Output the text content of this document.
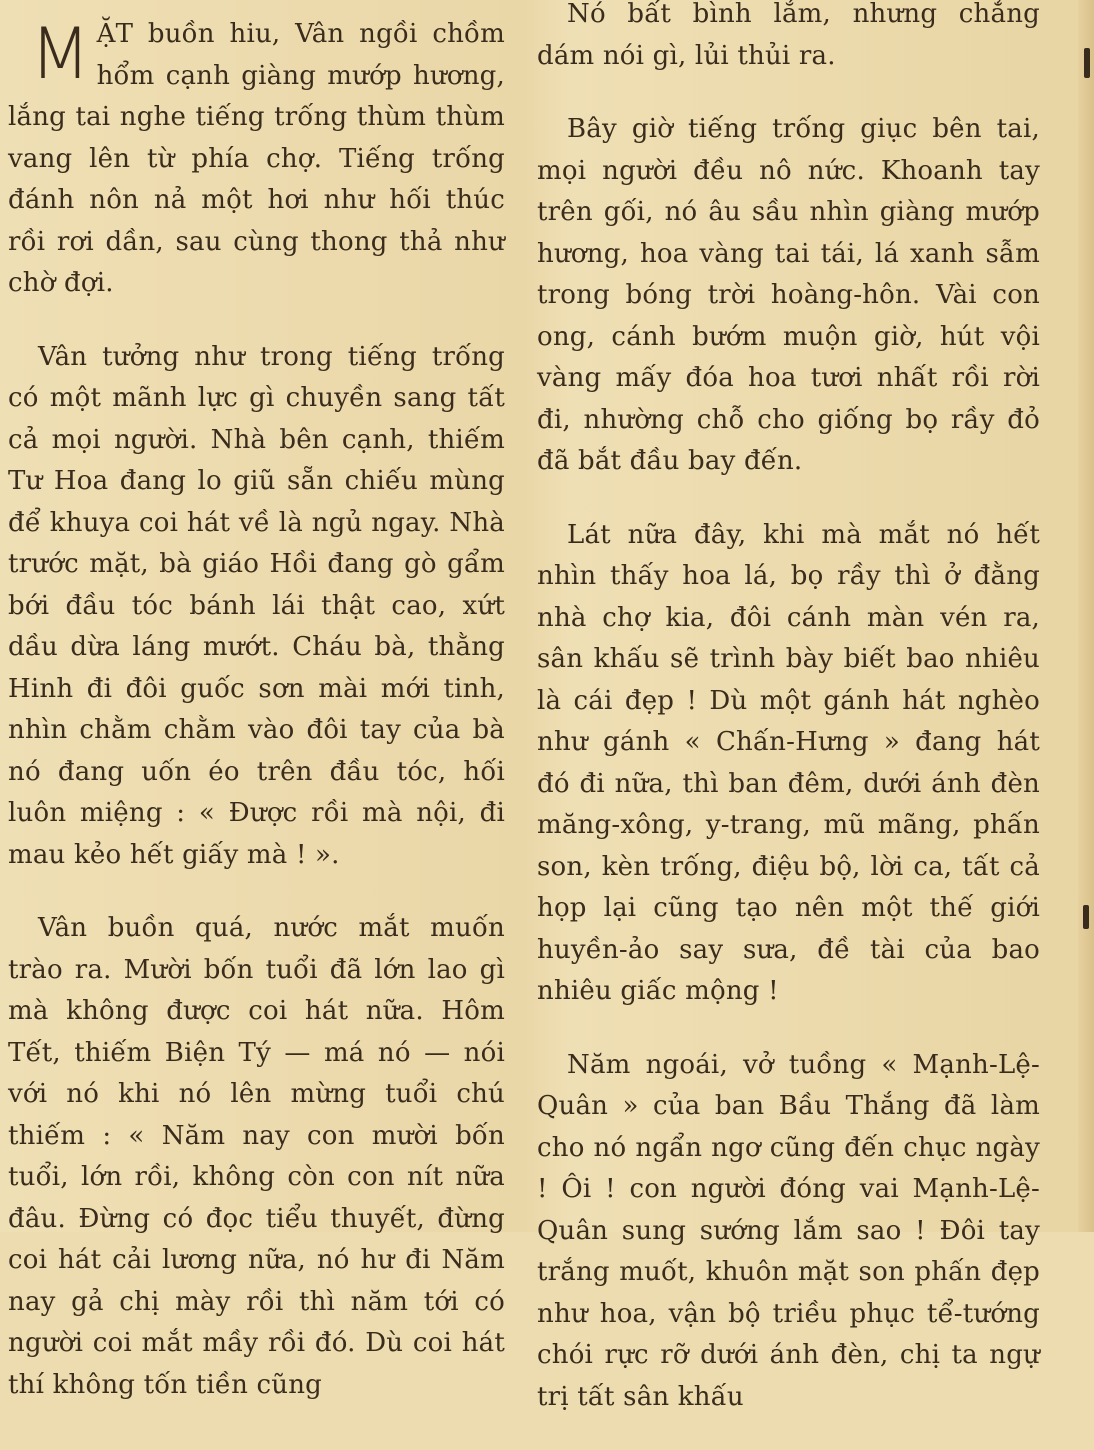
MẶT buồn hiu, Vân ngồi chồm hổm cạnh giàng mướp hương, lắng tai nghe tiếng trống thùm thùm vang lên từ phía chợ. Tiếng trống đánh nôn nả một hơi như hối thúc rồi rơi dần, sau cùng thong thả như chờ đợi.

Vân tưởng như trong tiếng trống có một mãnh lực gì chuyền sang tất cả mọi người. Nhà bên cạnh, thiếm Tư Hoa đang lo giũ sẵn chiếu mùng để khuya coi hát về là ngủ ngay. Nhà trước mặt, bà giáo Hồi đang gò gẩm bới đầu tóc bánh lái thật cao, xứt dầu dừa láng mướt. Cháu bà, thằng Hinh đi đôi guốc sơn mài mới tinh, nhìn chằm chằm vào đôi tay của bà nó đang uốn éo trên đầu tóc, hối luôn miệng : « Được rồi mà nội, đi mau kẻo hết giấy mà ! ».

Vân buồn quá, nước mắt muốn trào ra. Mười bốn tuổi đã lớn lao gì mà không được coi hát nữa. Hôm Tết, thiếm Biện Tý — má nó — nói với nó khi nó lên mừng tuổi chú thiếm : « Năm nay con mười bốn tuổi, lớn rồi, không còn con nít nữa đâu. Đừng có đọc tiểu thuyết, đừng coi hát cải lương nữa, nó hư đi Năm nay gả chị mày rồi thì năm tới có người coi mắt mầy rồi đó. Dù coi hát thí không tốn tiền cũng

Nó bất bình lắm, nhưng chẳng dám nói gì, lủi thủi ra.

Bây giờ tiếng trống giục bên tai, mọi người đều nô nức. Khoanh tay trên gối, nó âu sầu nhìn giàng mướp hương, hoa vàng tai tái, lá xanh sẫm trong bóng trời hoàng-hôn. Vài con ong, cánh bướm muộn giờ, hút vội vàng mấy đóa hoa tươi nhất rồi rời đi, nhường chỗ cho giống bọ rầy đỏ đã bắt đầu bay đến.

Lát nữa đây, khi mà mắt nó hết nhìn thấy hoa lá, bọ rầy thì ở đằng nhà chợ kia, đôi cánh màn vén ra, sân khấu sẽ trình bày biết bao nhiêu là cái đẹp ! Dù một gánh hát nghèo như gánh « Chấn-Hưng » đang hát đó đi nữa, thì ban đêm, dưới ánh đèn măng-xông, y-trang, mũ mãng, phấn son, kèn trống, điệu bộ, lời ca, tất cả họp lại cũng tạo nên một thế giới huyền-ảo say sưa, đề tài của bao nhiêu giấc mộng !

Năm ngoái, vở tuồng « Mạnh-Lệ-Quân » của ban Bầu Thắng đã làm cho nó ngẩn ngơ cũng đến chục ngày ! Ôi ! con người đóng vai Mạnh-Lệ-Quân sung sướng lắm sao ! Đôi tay trắng muốt, khuôn mặt son phấn đẹp như hoa, vận bộ triều phục tể-tướng chói rực rỡ dưới ánh đèn, chị ta ngự trị tất sân khấu
